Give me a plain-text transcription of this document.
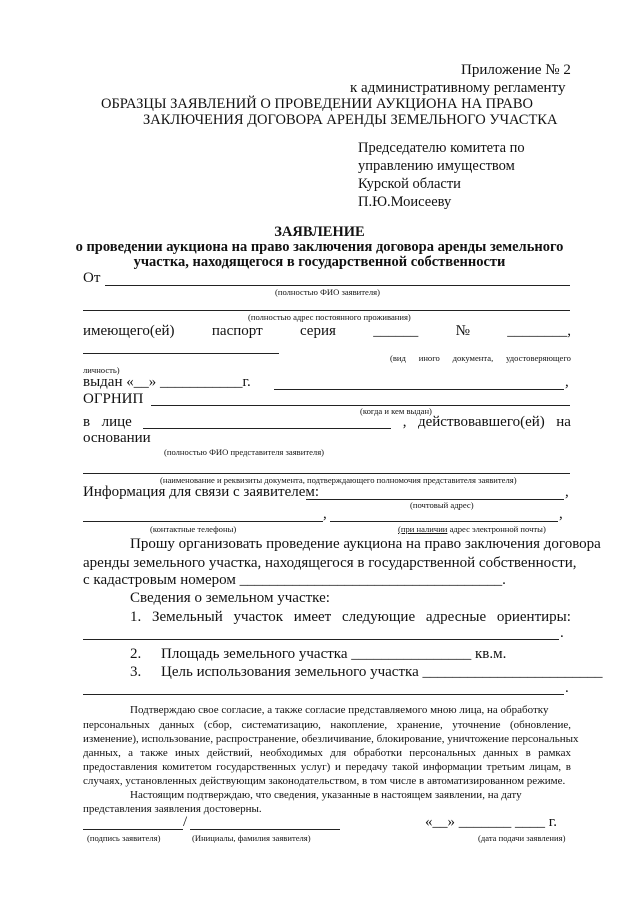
Приложение № 2
к административному регламенту
ОБРАЗЦЫ ЗАЯВЛЕНИЙ О ПРОВЕДЕНИИ АУКЦИОНА НА ПРАВО
ЗАКЛЮЧЕНИЯ ДОГОВОРА АРЕНДЫ ЗЕМЕЛЬНОГО УЧАСТКА
Председателю комитета по
управлению имуществом
Курской области
П.Ю.Моисееву
ЗАЯВЛЕНИЕ
о проведении аукциона на право заключения договора аренды земельного
участка, находящегося в государственной собственности
От
(полностью ФИО заявителя)
(полностью адрес постоянного проживания)
имеющего(ей) паспорт серия ______ № ________,
(вид иного документа, удостоверяющего
личность)
выдан «__» ___________г.	,
ОГРНИП
(когда и кем выдан)
в лице	, действовавшего(ей) на
основании
(полностью ФИО представителя заявителя)
(наименование и реквизиты документа, подтверждающего полномочия представителя заявителя)
Информация для связи с заявителем:	,
(почтовый адрес)
,	,
(контактные телефоны)	(при наличии адрес электронной почты)
Прошу организовать проведение аукциона на право заключения договора
аренды земельного участка, находящегося в государственной собственности,
с кадастровым номером ___________________________________.
Сведения о земельном участке:
1. Земельный участок имеет следующие адресные ориентиры:
.
2. Площадь земельного участка ________________ кв.м.
3. Цель использования земельного участка ________________________
.
Подтверждаю свое согласие, а также согласие представляемого мною лица, на обработку
персональных данных (сбор, систематизацию, накопление, хранение, уточнение (обновление,
изменение), использование, распространение, обезличивание, блокирование, уничтожение персональных
данных, а также иных действий, необходимых для обработки персональных данных в рамках
предоставления комитетом государственных услуг) и передачу такой информации третьим лицам, в
случаях, установленных действующим законодательством, в том числе в автоматизированном режиме.
Настоящим подтверждаю, что сведения, указанные в настоящем заявлении, на дату
представления заявления достоверны.
/	«__» _______ ____ г.
(подпись заявителя)	(Инициалы, фамилия заявителя)	(дата подачи заявления)
